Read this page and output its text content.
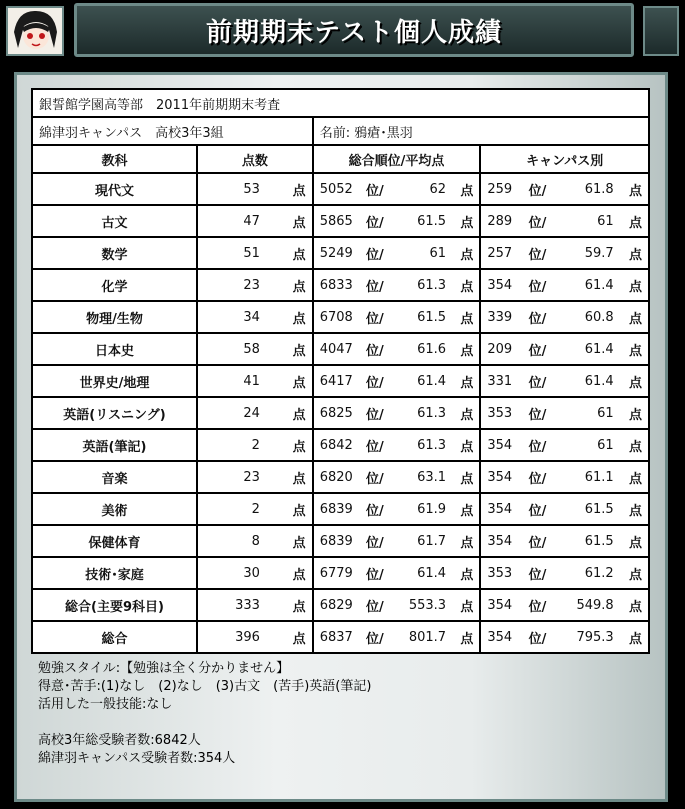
前期期末テスト個人成績
銀誓館学園高等部　2011年前期期末考査			
綿津羽キャンパス　高校3年3組		名前: 鴉瘡･黒羽	
教科	点数	総合順位/平均点	キャンパス別
現代文	53 点	5052 位/ 62 点	259 位/ 61.8 点

古文	47 点	5865 位/ 61.5 点	289 位/ 61 点

数学	51 点	5249 位/ 61 点	257 位/ 59.7 点

化学	23 点	6833 位/ 61.3 点	354 位/ 61.4 点

物理/生物	34 点	6708 位/ 61.5 点	339 位/ 60.8 点

日本史	58 点	4047 位/ 61.6 点	209 位/ 61.4 点

世界史/地理	41 点	6417 位/ 61.4 点	331 位/ 61.4 点

英語(リスニング)	24 点	6825 位/ 61.3 点	353 位/ 61 点

英語(筆記)	2 点	6842 位/ 61.3 点	354 位/ 61 点

音楽	23 点	6820 位/ 63.1 点	354 位/ 61.1 点

美術	2 点	6839 位/ 61.9 点	354 位/ 61.5 点

保健体育	8 点	6839 位/ 61.7 点	354 位/ 61.5 点

技術･家庭	30 点	6779 位/ 61.4 点	353 位/ 61.2 点

総合(主要9科目)	333 点	6829 位/ 553.3 点	354 位/ 549.8 点

総合	396 点	6837 位/ 801.7 点	354 位/ 795.3 点
勉強スタイル:【勉強は全く分かりません】
得意･苦手:(1)なし　(2)なし　(3)古文　(苦手)英語(筆記)
活用した一般技能:なし

高校3年総受験者数:6842人
綿津羽キャンパス受験者数:354人
